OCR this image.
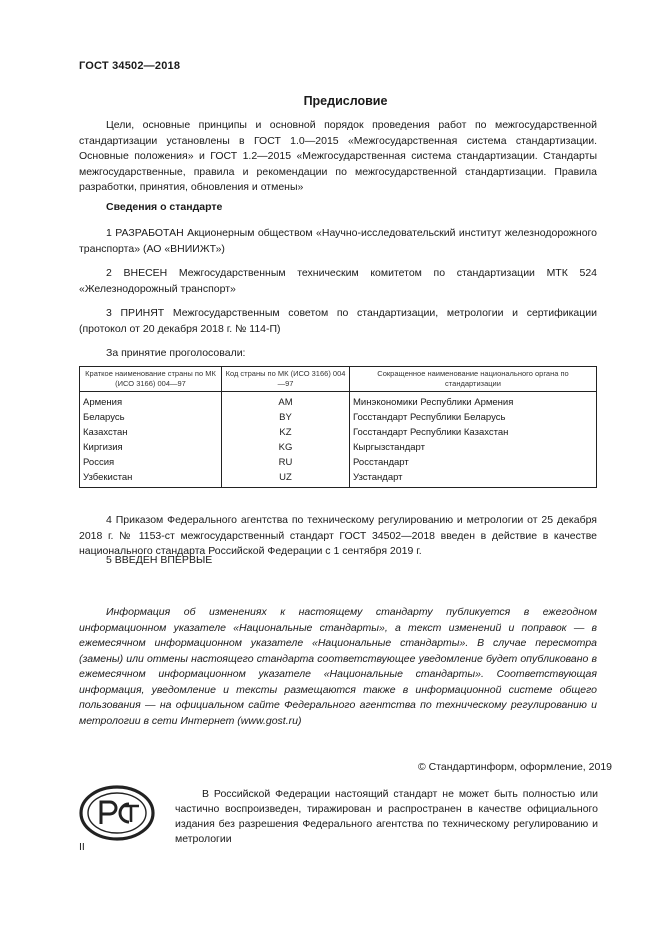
ГОСТ 34502—2018
Предисловие
Цели, основные принципы и основной порядок проведения работ по межгосударственной стандартизации установлены в ГОСТ 1.0—2015 «Межгосударственная система стандартизации. Основные положения» и ГОСТ 1.2—2015 «Межгосударственная система стандартизации. Стандарты межгосударственные, правила и рекомендации по межгосударственной стандартизации. Правила разработки, принятия, обновления и отмены»
Сведения о стандарте
1 РАЗРАБОТАН Акционерным обществом «Научно-исследовательский институт железнодорожного транспорта» (АО «ВНИИЖТ»)
2 ВНЕСЕН Межгосударственным техническим комитетом по стандартизации МТК 524 «Железнодорожный транспорт»
3 ПРИНЯТ Межгосударственным советом по стандартизации, метрологии и сертификации (протокол от 20 декабря 2018 г. № 114-П)
За принятие проголосовали:
Краткое наименование страны по МК (ИСО 3166) 004—97	Код страны по МК (ИСО 3166) 004—97	Сокращенное наименование национального органа по стандартизации
Армения	AM	Минэкономики Республики Армения
Беларусь	BY	Госстандарт Республики Беларусь
Казахстан	KZ	Госстандарт Республики Казахстан
Киргизия	KG	Кыргызстандарт
Россия	RU	Росстандарт
Узбекистан	UZ	Узстандарт
4 Приказом Федерального агентства по техническому регулированию и метрологии от 25 декабря 2018 г. № 1153-ст межгосударственный стандарт ГОСТ 34502—2018 введен в действие в качестве национального стандарта Российской Федерации с 1 сентября 2019 г.
5 ВВЕДЕН ВПЕРВЫЕ
Информация об изменениях к настоящему стандарту публикуется в ежегодном информационном указателе «Национальные стандарты», а текст изменений и поправок — в ежемесячном информационном указателе «Национальные стандарты». В случае пересмотра (замены) или отмены настоящего стандарта соответствующее уведомление будет опубликовано в ежемесячном информационном указателе «Национальные стандарты». Соответствующая информация, уведомление и тексты размещаются также в информационной системе общего пользования — на официальном сайте Федерального агентства по техническому регулированию и метрологии в сети Интернет (www.gost.ru)
© Стандартинформ, оформление, 2019
В Российской Федерации настоящий стандарт не может быть полностью или частично воспроизведен, тиражирован и распространен в качестве официального издания без разрешения Федерального агентства по техническому регулированию и метрологии
II
